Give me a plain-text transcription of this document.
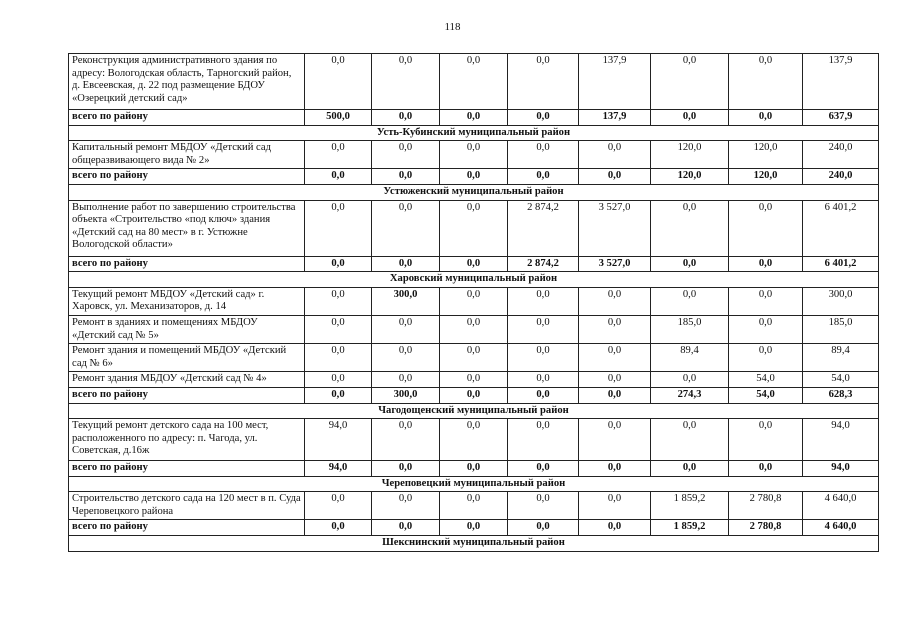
118
Реконструкция административного здания по адресу: Вологодская область, Тарногский район, д. Евсеевская, д. 22 под размещение БДОУ «Озерецкий детский сад»	0,0	0,0	0,0	0,0	137,9	0,0	0,0	137,9
всего по району	500,0	0,0	0,0	0,0	137,9	0,0	0,0	637,9
Усть-Кубинский муниципальный район								
Капитальный ремонт МБДОУ «Детский сад общеразвивающего вида № 2»	0,0	0,0	0,0	0,0	0,0	120,0	120,0	240,0
всего по району	0,0	0,0	0,0	0,0	0,0	120,0	120,0	240,0
Устюженский муниципальный район								
Выполнение работ по завершению строительства объекта «Строительство «под ключ» здания «Детский сад на 80 мест» в г. Устюжне Вологодской области»	0,0	0,0	0,0	2 874,2	3 527,0	0,0	0,0	6 401,2
всего по району	0,0	0,0	0,0	2 874,2	3 527,0	0,0	0,0	6 401,2
Харовский муниципальный район								
Текущий ремонт МБДОУ «Детский сад» г. Харовск, ул. Механизаторов, д. 14	0,0	300,0	0,0	0,0	0,0	0,0	0,0	300,0
Ремонт в зданиях и помещениях МБДОУ «Детский сад № 5»	0,0	0,0	0,0	0,0	0,0	185,0	0,0	185,0
Ремонт здания и помещений МБДОУ «Детский сад № 6»	0,0	0,0	0,0	0,0	0,0	89,4	0,0	89,4
Ремонт здания МБДОУ «Детский сад № 4»	0,0	0,0	0,0	0,0	0,0	0,0	54,0	54,0
всего по району	0,0	300,0	0,0	0,0	0,0	274,3	54,0	628,3
Чагодощенский муниципальный район								
Текущий ремонт детского сада на 100 мест, расположенного по адресу: п. Чагода, ул. Советская, д.16ж	94,0	0,0	0,0	0,0	0,0	0,0	0,0	94,0
всего по району	94,0	0,0	0,0	0,0	0,0	0,0	0,0	94,0
Череповецкий муниципальный район								
Строительство детского сада на 120 мест в п. Суда Череповецкого района	0,0	0,0	0,0	0,0	0,0	1 859,2	2 780,8	4 640,0
всего по району	0,0	0,0	0,0	0,0	0,0	1 859,2	2 780,8	4 640,0
Шекснинский муниципальный район								
